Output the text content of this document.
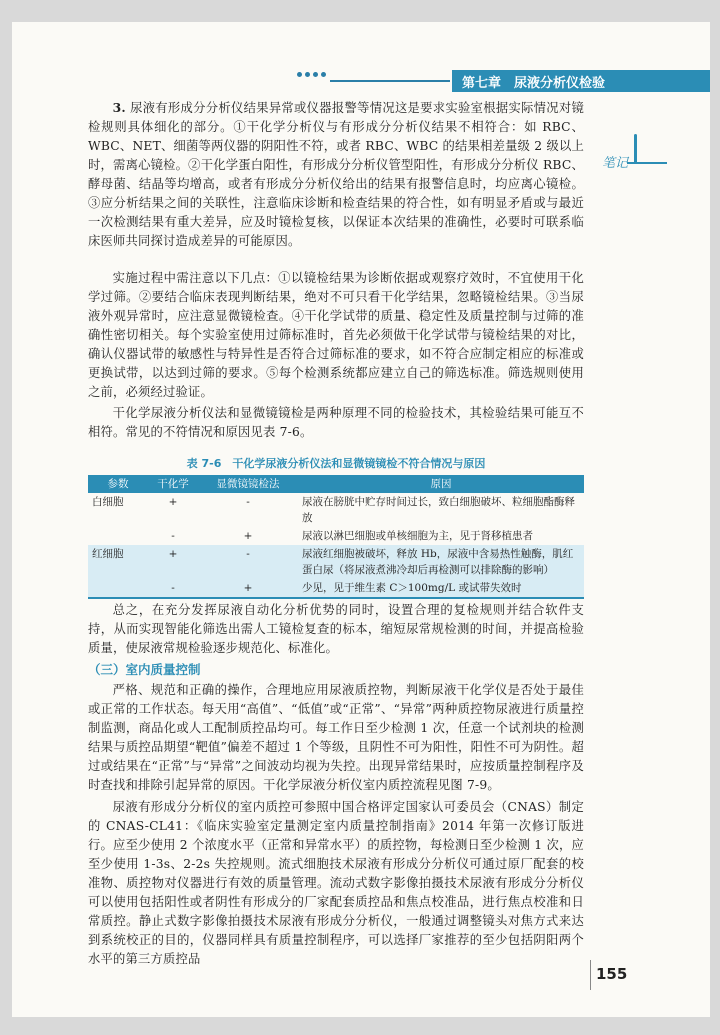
第七章　尿液分析仪检验
笔记

3. 尿液有形成分分析仪结果异常或仪器报警等情况这是要求实验室根据实际情况对镜检规则具体细化的部分。①干化学分析仪与有形成分分析仪结果不相符合：如 RBC、WBC、NET、细菌等两仪器的阴阳性不符，或者 RBC、WBC 的结果相差量级 2 级以上时，需离心镜检。②干化学蛋白阳性，有形成分分析仪管型阳性，有形成分分析仪 RBC、酵母菌、结晶等均增高，或者有形成分分析仪给出的结果有报警信息时，均应离心镜检。③应分析结果之间的关联性，注意临床诊断和检查结果的符合性，如有明显矛盾或与最近一次检测结果有重大差异，应及时镜检复核，以保证本次结果的准确性，必要时可联系临床医师共同探讨造成差异的可能原因。

实施过程中需注意以下几点：①以镜检结果为诊断依据或观察疗效时，不宜使用干化学过筛。②要结合临床表现判断结果，绝对不可只看干化学结果，忽略镜检结果。③当尿液外观异常时，应注意显微镜检查。④干化学试带的质量、稳定性及质量控制与过筛的准确性密切相关。每个实验室使用过筛标准时，首先必须做干化学试带与镜检结果的对比，确认仪器试带的敏感性与特异性是否符合过筛标准的要求，如不符合应制定相应的标准或更换试带，以达到过筛的要求。⑤每个检测系统都应建立自己的筛选标准。筛选规则使用之前，必须经过验证。

干化学尿液分析仪法和显微镜镜检是两种原理不同的检验技术，其检验结果可能互不相符。常见的不符情况和原因见表 7-6。

表 7-6　干化学尿液分析仪法和显微镜镜检不符合情况与原因
参数	干化学	显微镜镜检法	原因
白细胞	+	-	尿液在膀胱中贮存时间过长，致白细胞破坏、粒细胞酯酶释放
	-	+	尿液以淋巴细胞或单核细胞为主，见于肾移植患者
红细胞	+	-	尿液红细胞被破坏，释放 Hb，尿液中含易热性触酶，肌红蛋白尿（将尿液煮沸冷却后再检测可以排除酶的影响）
	-	+	少见，见于维生素 C＞100mg/L 或试带失效时

总之，在充分发挥尿液自动化分析优势的同时，设置合理的复检规则并结合软件支持，从而实现智能化筛选出需人工镜检复查的标本，缩短尿常规检测的时间，并提高检验质量，使尿液常规检验逐步规范化、标准化。

（三）室内质量控制

严格、规范和正确的操作，合理地应用尿液质控物，判断尿液干化学仪是否处于最佳或正常的工作状态。每天用“高值”、“低值”或“正常”、“异常”两种质控物尿液进行质量控制监测，商品化或人工配制质控品均可。每工作日至少检测 1 次，任意一个试剂块的检测结果与质控品期望“靶值”偏差不超过 1 个等级，且阴性不可为阳性，阳性不可为阴性。超过或结果在“正常”与“异常”之间波动均视为失控。出现异常结果时，应按质量控制程序及时查找和排除引起异常的原因。干化学尿液分析仪室内质控流程见图 7-9。

尿液有形成分分析仪的室内质控可参照中国合格评定国家认可委员会（CNAS）制定的 CNAS-CL41：《临床实验室定量测定室内质量控制指南》2014 年第一次修订版进行。应至少使用 2 个浓度水平（正常和异常水平）的质控物，每检测日至少检测 1 次，应至少使用 1-3s、2-2s 失控规则。流式细胞技术尿液有形成分分析仪可通过原厂配套的校准物、质控物对仪器进行有效的质量管理。流动式数字影像拍摄技术尿液有形成分分析仪可以使用包括阳性或者阴性有形成分的厂家配套质控品和焦点校准品，进行焦点校准和日常质控。静止式数字影像拍摄技术尿液有形成分分析仪，一般通过调整镜头对焦方式来达到系统校正的目的，仪器同样具有质量控制程序，可以选择厂家推荐的至少包括阴阳两个水平的第三方质控品

155
